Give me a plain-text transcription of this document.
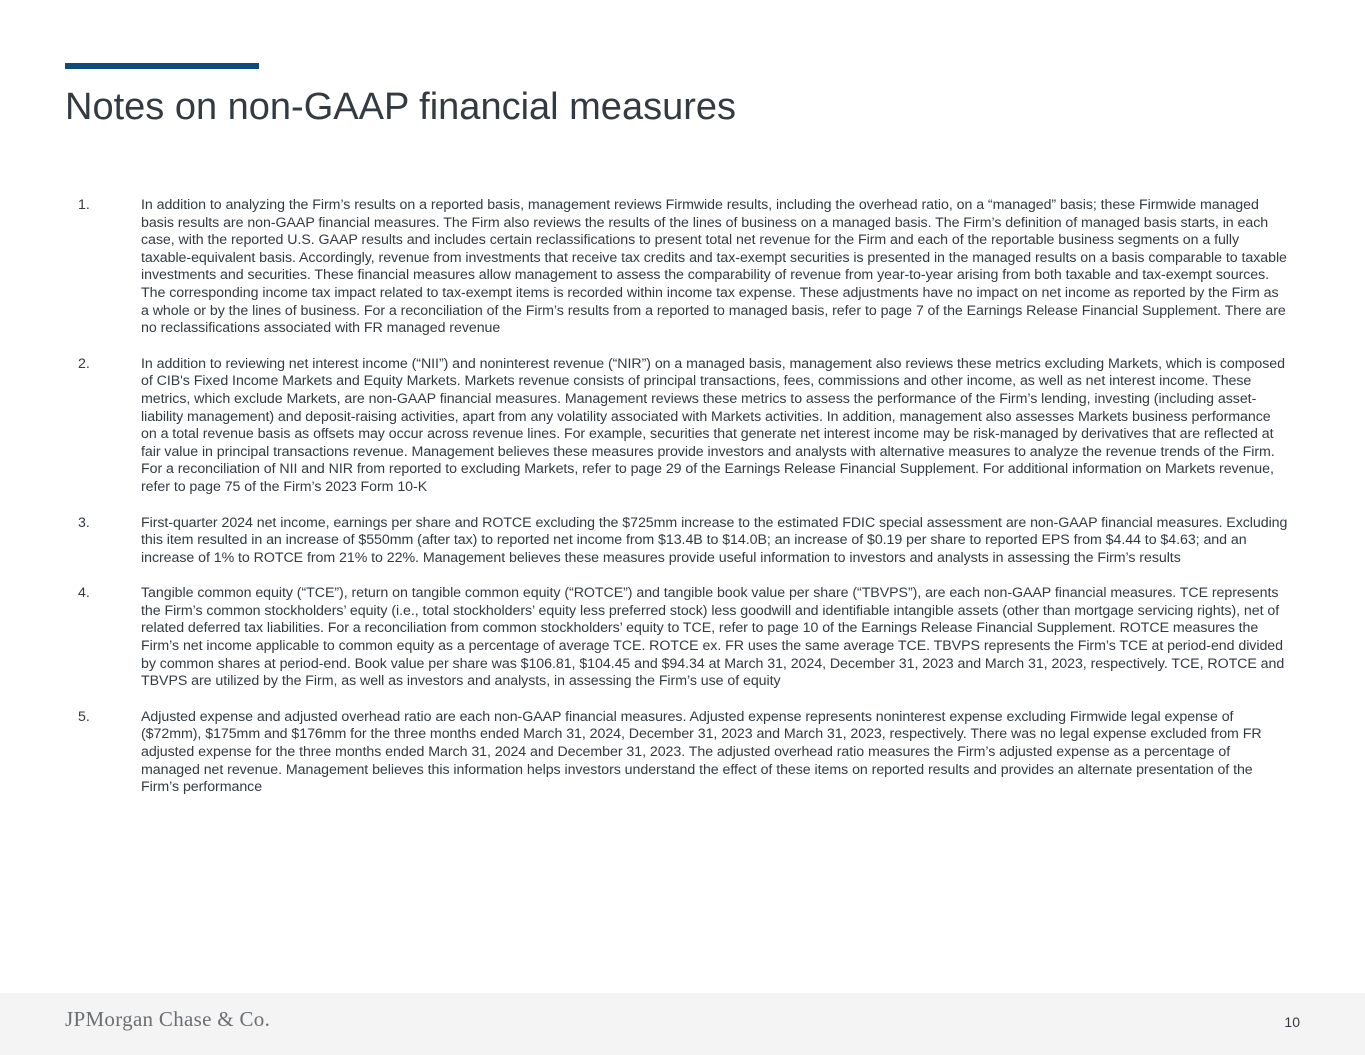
Notes on non-GAAP financial measures
1.	In addition to analyzing the Firm’s results on a reported basis, management reviews Firmwide results, including the overhead ratio, on a “managed” basis; these Firmwide managed basis results are non-GAAP financial measures. The Firm also reviews the results of the lines of business on a managed basis. The Firm’s definition of managed basis starts, in each case, with the reported U.S. GAAP results and includes certain reclassifications to present total net revenue for the Firm and each of the reportable business segments on a fully taxable-equivalent basis. Accordingly, revenue from investments that receive tax credits and tax-exempt securities is presented in the managed results on a basis comparable to taxable investments and securities. These financial measures allow management to assess the comparability of revenue from year-to-year arising from both taxable and tax-exempt sources. The corresponding income tax impact related to tax-exempt items is recorded within income tax expense. These adjustments have no impact on net income as reported by the Firm as a whole or by the lines of business. For a reconciliation of the Firm’s results from a reported to managed basis, refer to page 7 of the Earnings Release Financial Supplement. There are no reclassifications associated with FR managed revenue
2.	In addition to reviewing net interest income (“NII”) and noninterest revenue (“NIR”) on a managed basis, management also reviews these metrics excluding Markets, which is composed of CIB's Fixed Income Markets and Equity Markets. Markets revenue consists of principal transactions, fees, commissions and other income, as well as net interest income. These metrics, which exclude Markets, are non-GAAP financial measures. Management reviews these metrics to assess the performance of the Firm’s lending, investing (including asset-liability management) and deposit-raising activities, apart from any volatility associated with Markets activities. In addition, management also assesses Markets business performance on a total revenue basis as offsets may occur across revenue lines. For example, securities that generate net interest income may be risk-managed by derivatives that are reflected at fair value in principal transactions revenue. Management believes these measures provide investors and analysts with alternative measures to analyze the revenue trends of the Firm. For a reconciliation of NII and NIR from reported to excluding Markets, refer to page 29 of the Earnings Release Financial Supplement. For additional information on Markets revenue, refer to page 75 of the Firm’s 2023 Form 10-K
3.	First-quarter 2024 net income, earnings per share and ROTCE excluding the $725mm increase to the estimated FDIC special assessment are non-GAAP financial measures. Excluding this item resulted in an increase of $550mm (after tax) to reported net income from $13.4B to $14.0B; an increase of $0.19 per share to reported EPS from $4.44 to $4.63; and an increase of 1% to ROTCE from 21% to 22%. Management believes these measures provide useful information to investors and analysts in assessing the Firm’s results
4.	Tangible common equity (“TCE”), return on tangible common equity (“ROTCE”) and tangible book value per share (“TBVPS”), are each non-GAAP financial measures. TCE represents the Firm’s common stockholders’ equity (i.e., total stockholders’ equity less preferred stock) less goodwill and identifiable intangible assets (other than mortgage servicing rights), net of related deferred tax liabilities. For a reconciliation from common stockholders’ equity to TCE, refer to page 10 of the Earnings Release Financial Supplement. ROTCE measures the Firm’s net income applicable to common equity as a percentage of average TCE. ROTCE ex. FR uses the same average TCE. TBVPS represents the Firm’s TCE at period-end divided by common shares at period-end. Book value per share was $106.81, $104.45 and $94.34 at March 31, 2024, December 31, 2023 and March 31, 2023, respectively. TCE, ROTCE and TBVPS are utilized by the Firm, as well as investors and analysts, in assessing the Firm’s use of equity
5.	Adjusted expense and adjusted overhead ratio are each non-GAAP financial measures. Adjusted expense represents noninterest expense excluding Firmwide legal expense of ($72mm), $175mm and $176mm for the three months ended March 31, 2024, December 31, 2023 and March 31, 2023, respectively. There was no legal expense excluded from FR adjusted expense for the three months ended March 31, 2024 and December 31, 2023. The adjusted overhead ratio measures the Firm’s adjusted expense as a percentage of managed net revenue. Management believes this information helps investors understand the effect of these items on reported results and provides an alternate presentation of the Firm’s performance
JPMorgan Chase & Co.	10
